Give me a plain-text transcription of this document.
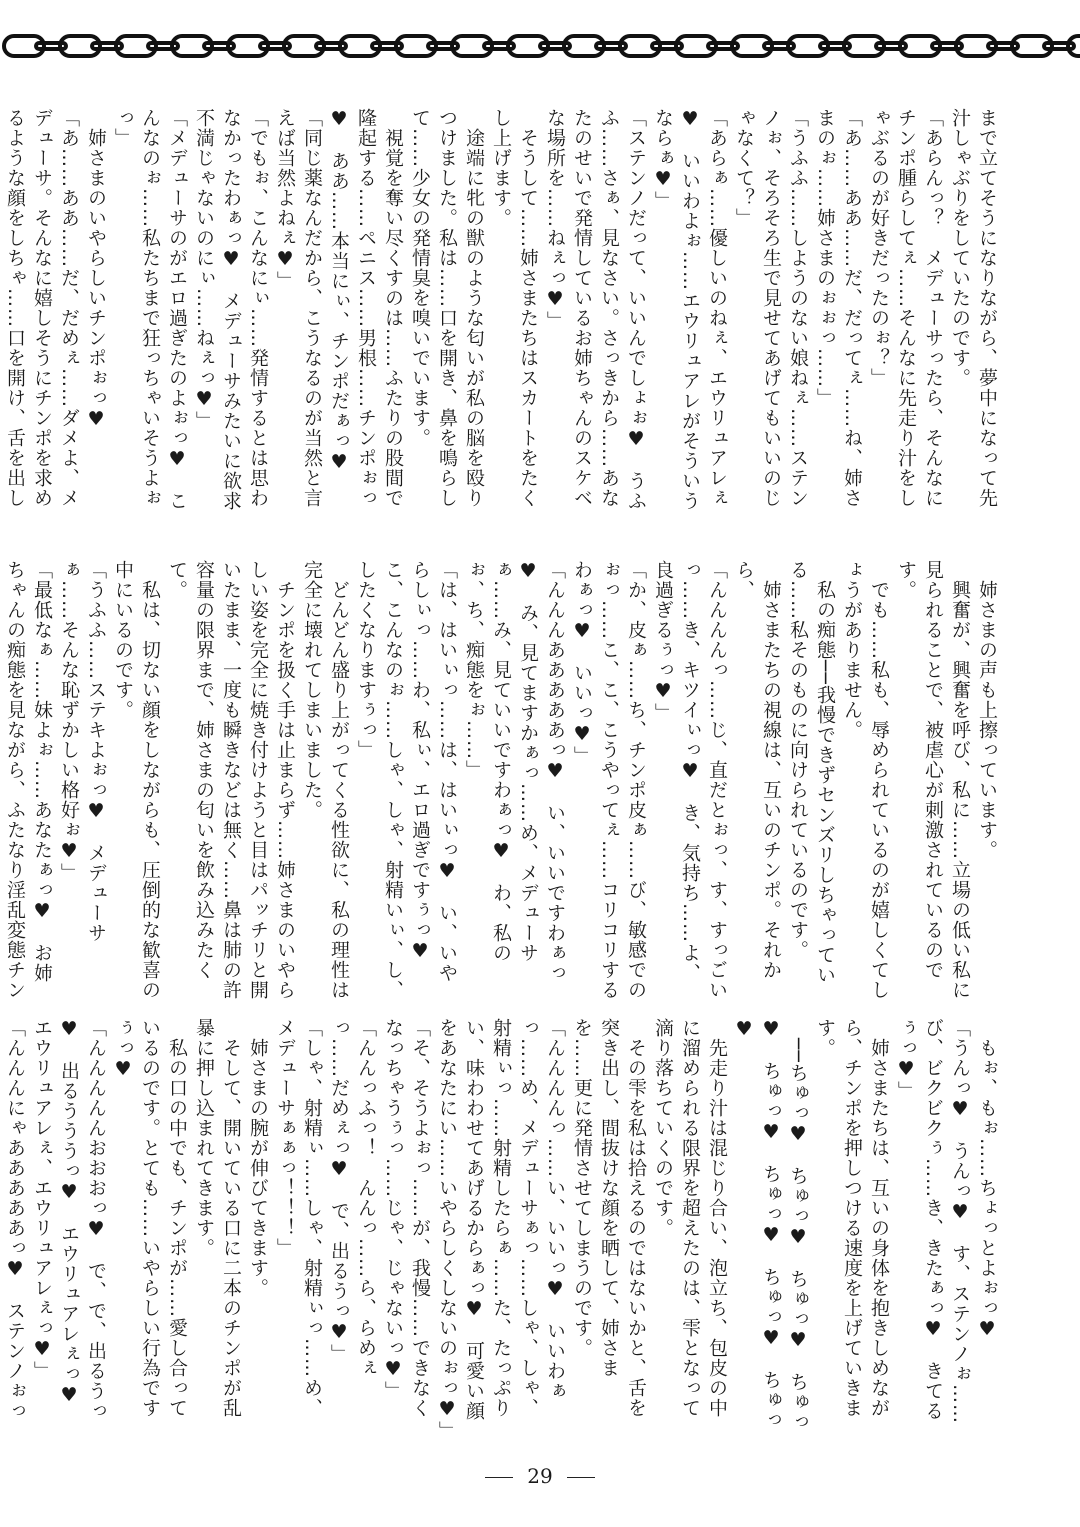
まで立てそうになりながら、夢中になって先汁しゃぶりをしていたのです。

「あらんっ？　メデューサったら、そんなにチンポ腫らしてぇ……そんなに先走り汁をしゃぶるのが好きだったのぉ？」

「あ……ああ……だ、だってぇ……ね、姉さまのぉ……姉さまのぉぉっ……」

「うふふ……しようのない娘ねぇ……ステンノぉ、そろそろ生で見せてあげてもいいのじゃなくて？」

「あらぁ……優しいのねぇ、エウリュアレぇ♥　いいわよぉ……エウリュアレがそういうならぁ♥」

「ステンノだって、いいんでしょぉ♥　うふふ……さぁ、見なさい。さっきから……あなたのせいで発情しているお姉ちゃんのスケベな場所を……ねぇっ♥」

　そうして……姉さまたちはスカートをたくし上げます。

　途端に牝の獣のような匂いが私の脳を殴りつけました。私は……口を開き、鼻を鳴らして……少女の発情臭を嗅いでいます。

　視覚を奪い尽くすのは……ふたりの股間で隆起する……ペニス……男根……チンポぉっ♥　ああ……本当にぃ、チンポだぁっ♥

「同じ薬なんだから、こうなるのが当然と言えば当然よねぇ♥」

「でもぉ、こんなにぃ……発情するとは思わなかったわぁっ♥　メデューサみたいに欲求不満じゃないのにぃ……ねぇっ♥」

「メデューサのがエロ過ぎたのよぉっ♥　こんなのぉ……私たちまで狂っちゃいそうよぉっ」

　姉さまのいやらしいチンポぉっ♥

「あ……ああ……だ、だめぇ……ダメよ、メデューサ。そんなに嬉しそうにチンポを求めるような顔をしちゃ……口を開け、舌を出し

　姉さまの声も上擦っています。

　興奮が、興奮を呼び、私に……立場の低い私に見られることで、被虐心が刺激されているのです。

　でも……私も、辱められているのが嬉しくてしょうがありません。

　私の痴態──我慢できずセンズリしちゃっている……私そのものに向けられているのです。

　姉さまたちの視線は、互いのチンポ。それから、

「んんんんっ……じ、直だとぉっ、す、すっごいっ……き、キツイぃっ♥　き、気持ち……よ、良過ぎるぅっ♥」

「か、皮ぁ……ち、チンポ皮ぁ……び、敏感でのぉっ……こ、こ、こうやってぇ……コリコリするわぁっ♥　いいっ♥」

「んんんあああああっ♥　い、いいですわぁっ♥　み、見てますかぁっ……め、メデューサぁ……み、見ていいですわぁっ♥　わ、私のぉ、ち、痴態をぉ……」

「は、はいぃっ……は、はいぃっ♥　い、いやらしぃっ……わ、私ぃ、エロ過ぎですぅっ♥　こ、こんなのぉ……しゃ、しゃ、射精いぃ、し、したくなりますぅっ」

　どんどん盛り上がってくる性欲に、私の理性は完全に壊れてしまいました。

　チンポを扱く手は止まらず……姉さまのいやらしい姿を完全に焼き付けようと目はパッチリと開いたまま、一度も瞬きなどは無く……鼻は肺の許容量の限界まで、姉さまの匂いを飲み込みたくて。

　私は、切ない顔をしながらも、圧倒的な歓喜の中にいるのです。

「うふふ……ステキよぉっ♥　メデューサぁ……そんな恥ずかしい格好ぉ♥」

「最低なぁ……妹よぉ……あなたぁっ♥　お姉ちゃんの痴態を見ながら、ふたなり淫乱変態チン

　もぉ、もぉ……ちょっとよぉっ♥

「うんっ♥　うんっ♥　す、ステンノぉ……び、ビクビクぅ……き、きたぁっ♥　きてるぅっ♥」

　姉さまたちは、互いの身体を抱きしめながら、チンポを押しつける速度を上げていきます。

　──ちゅっ♥　ちゅっ♥　ちゅっ♥　ちゅっ♥　ちゅっ♥　ちゅっ♥　ちゅっ♥　ちゅっ♥

　先走り汁は混じり合い、泡立ち、包皮の中に溜められる限界を超えたのは、雫となって滴り落ちていくのです。

　その雫を私は拾えるのではないかと、舌を突き出し、間抜けな顔を晒して、姉さまを……更に発情させてしまうのです。

「んんんんっ……い、いいっ♥　いいわぁっ……め、メデューサぁっ……しゃ、しゃ、射精ぃっ……射精したらぁ……た、たっぷりい、味わわせてあげるからぁっ♥　可愛い顔をあなたにい……いやらしくしないのぉっ♥」

「そ、そうよぉっ……が、我慢……できなくなっちゃうぅっ……じゃ、じゃないっ♥」

「んんっふっ！　んんっ……ら、らめぇっ……だめぇっ♥　で、出るうっ♥」

「しゃ、射精ぃ……しゃ、射精ぃっ……め、メデューサぁぁっ！！！」

　姉さまの腕が伸びてきます。

　そして、開いている口に二本のチンポが乱暴に押し込まれてきます。

　私の口の中でも、チンポが……愛し合っているのです。とても……いやらしい行為ですぅっ♥

「んんんんんおおおっ♥　で、で、出るうっ♥　出るうううっ♥　エウリュアレぇっ♥　エウリュアレぇ、エウリュアレぇっ♥」

「んんんにゃあああああっ♥　ステンノぉっ　　

29
